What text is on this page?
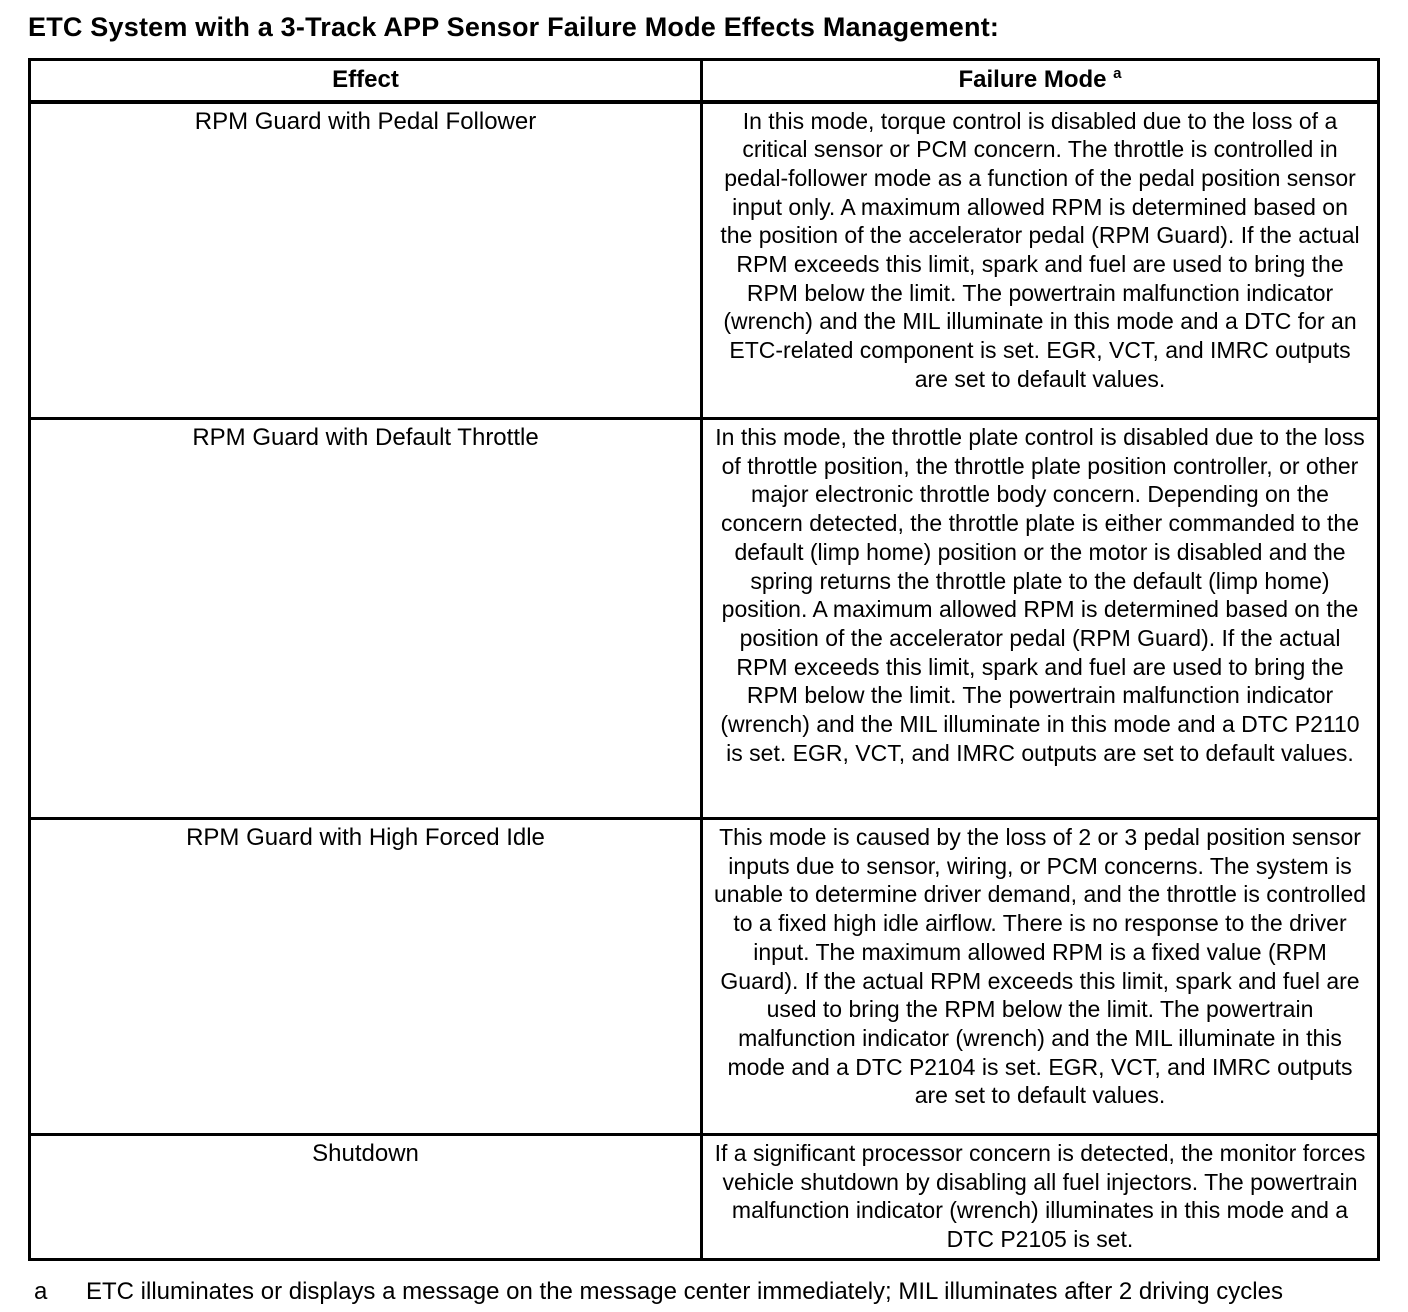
ETC System with a 3-Track APP Sensor Failure Mode Effects Management:
Effect	Failure Mode $^a$
RPM Guard with Pedal Follower	In this mode, torque control is disabled due to the loss of a critical sensor or PCM concern. The throttle is controlled in pedal-follower mode as a function of the pedal position sensor input only. A maximum allowed RPM is determined based on the position of the accelerator pedal (RPM Guard). If the actual RPM exceeds this limit, spark and fuel are used to bring the RPM below the limit. The powertrain malfunction indicator (wrench) and the MIL illuminate in this mode and a DTC for an ETC-related component is set. EGR, VCT, and IMRC outputs are set to default values.
RPM Guard with Default Throttle	In this mode, the throttle plate control is disabled due to the loss of throttle position, the throttle plate position controller, or other major electronic throttle body concern. Depending on the concern detected, the throttle plate is either commanded to the default (limp home) position or the motor is disabled and the spring returns the throttle plate to the default (limp home) position. A maximum allowed RPM is determined based on the position of the accelerator pedal (RPM Guard). If the actual RPM exceeds this limit, spark and fuel are used to bring the RPM below the limit. The powertrain malfunction indicator (wrench) and the MIL illuminate in this mode and a DTC P2110 is set. EGR, VCT, and IMRC outputs are set to default values.
RPM Guard with High Forced Idle	This mode is caused by the loss of 2 or 3 pedal position sensor inputs due to sensor, wiring, or PCM concerns. The system is unable to determine driver demand, and the throttle is controlled to a fixed high idle airflow. There is no response to the driver input. The maximum allowed RPM is a fixed value (RPM Guard). If the actual RPM exceeds this limit, spark and fuel are used to bring the RPM below the limit. The powertrain malfunction indicator (wrench) and the MIL illuminate in this mode and a DTC P2104 is set. EGR, VCT, and IMRC outputs are set to default values.
Shutdown	If a significant processor concern is detected, the monitor forces vehicle shutdown by disabling all fuel injectors. The powertrain malfunction indicator (wrench) illuminates in this mode and a DTC P2105 is set.
a	ETC illuminates or displays a message on the message center immediately; MIL illuminates after 2 driving cycles
